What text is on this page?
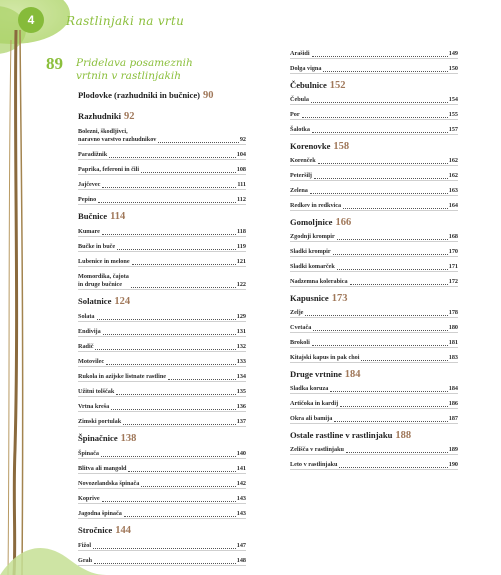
4	Rastlinjaki na vrtu
89 Pridelava posameznih
vrtnin v rastlinjakih
Plodovke (razhudniki in bučnice) 90
Razhudniki 92
Bolezni, škodljivci,
naravno varstvo razhudnikov	92
Paradižnik	104
Paprika, feferoni in čili	108
Jajčevec	111
Pepino	112
Bučnice 114
Kumare	118
Bučke in buče	119
Lubenice in melone	121
Momordika, čajota
in druge bučnice	122
Solatnice 124
Solata	129
Endivija	131
Radič	132
Motovilec	133
Rukola in azijske listnate rastline	134
Užitni tolščak	135
Vrtna kreša	136
Zimski portulak	137
Špinačnice 138
Špinača	140
Blitva ali mangold	141
Novozelandska špinača	142
Koprive	143
Jagodna špinača	143
Stročnice 144
Fižol	147
Grah	148
Arašidi	149
Dolga vigna	150
Čebulnice 152
Čebula	154
Por	155
Šalotka	157
Korenovke 158
Korenček	162
Peteršilj	162
Zelena	163
Redkev in redkvica	164
Gomoljnice 166
Zgodnji krompir	168
Sladki krompir	170
Sladki komarček	171
Nadzemna kolerabica	172
Kapusnice 173
Zelje	178
Cvetača	180
Brokoli	181
Kitajski kapus in pak choi	183
Druge vrtnine 184
Sladka koruza	184
Artičoka in kardij	186
Okra ali bamija	187
Ostale rastline v rastlinjaku 188
Zelišča v rastlinjaku	189
Leto v rastlinjaku	190
